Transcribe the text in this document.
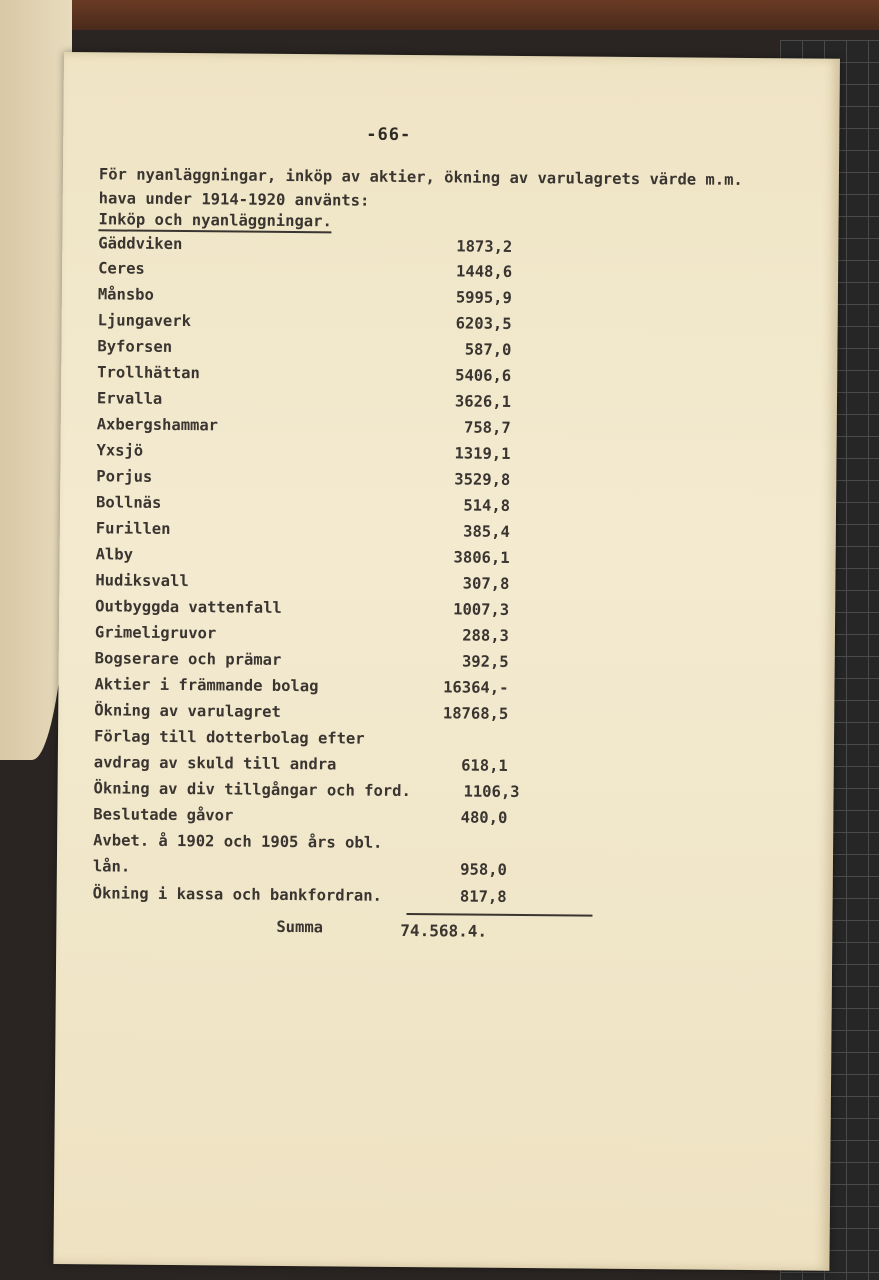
-66-
För nyanläggningar, inköp av aktier, ökning av varulagrets värde m.m. hava under 1914-1920 använts:
Inköp och nyanläggningar.
Gäddviken	1873,2
Ceres	1448,6
Månsbo	5995,9
Ljungaverk	6203,5
Byforsen	587,0
Trollhättan	5406,6
Ervalla	3626,1
Axbergshammar	758,7
Yxsjö	1319,1
Porjus	3529,8
Bollnäs	514,8
Furillen	385,4
Alby	3806,1
Hudiksvall	307,8
Outbyggda vattenfall	1007,3
Grimeligruvor	288,3
Bogserare och prämar	392,5
Aktier i främmande bolag	16364,-
Ökning av varulagret	18768,5
Förlag till dotterbolag efter
avdrag av skuld till andra	618,1
Ökning av div tillgångar och ford.	1106,3
Beslutade gåvor	480,0
Avbet. å 1902 och 1905 års obl.
lån.	958,0
Ökning i kassa och bankfordran.	817,8
Summa	74.568.4.
